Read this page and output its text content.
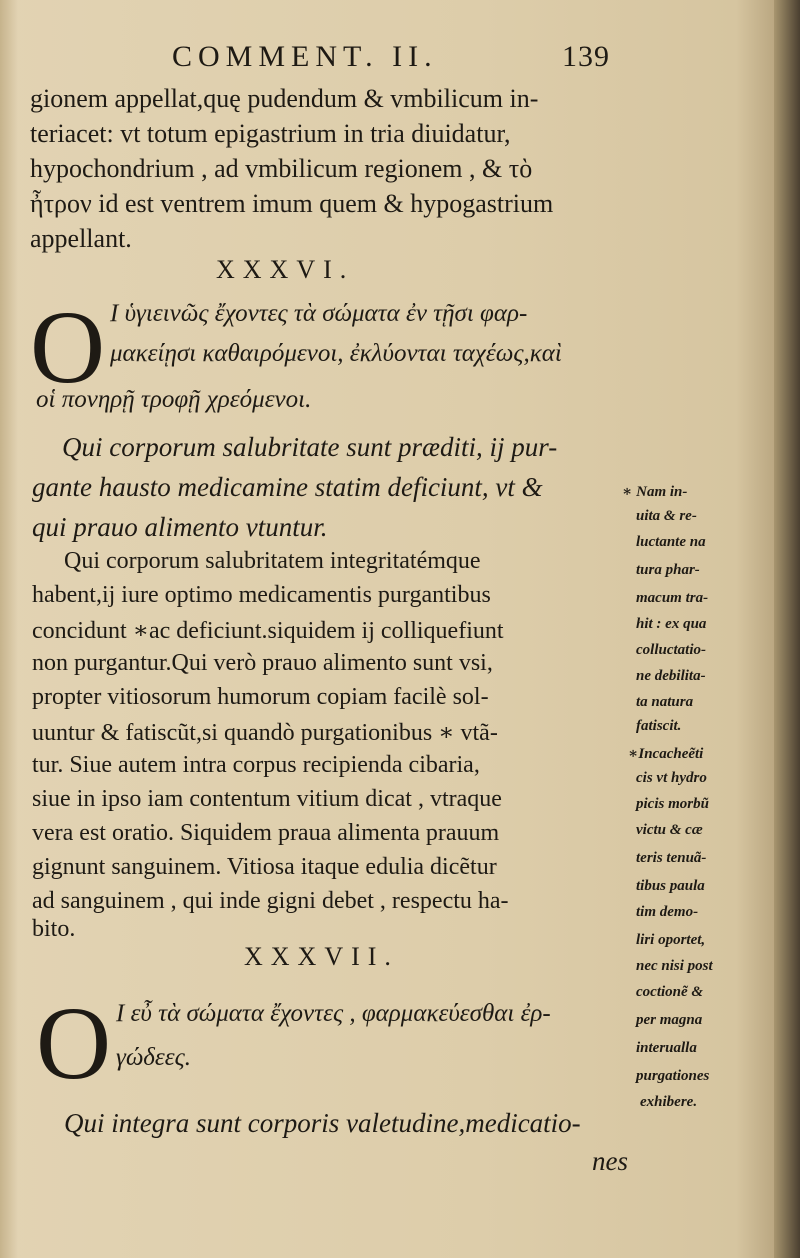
COMMENT. II.	139
gionem appellat,quę pudendum & vmbilicum in-
teriacet: vt totum epigastrium in tria diuidatur,
hypochondrium , ad vmbilicum regionem , & τὸ
ἦτρον id est ventrem imum quem & hypogastrium
appellant.
XXXVI.
O Ι ὑγιεινῶς ἔχοντες τὰ σώματα ἐν τῇσι φαρ-
μακείῃσι καθαιρόμενοι, ἐκλύονται ταχέως,καὶ
οἱ πονηρῇ τροφῇ χρεόμενοι.
Qui corporum salubritate sunt præditi, ij pur-
gante hausto medicamine statim deficiunt, vt &
qui prauo alimento vtuntur.
Qui corporum salubritatem integritatémque
habent,ij iure optimo medicamentis purgantibus
concidunt ∗ac deficiunt.siquidem ij colliquefiunt
non purgantur.Qui verò prauo alimento sunt vsi,
propter vitiosorum humorum copiam facilè sol-
uuntur & fatiscũt,si quandò purgationibus ∗ vtã-
tur. Siue autem intra corpus recipienda cibaria,
siue in ipso iam contentum vitium dicat , vtraque
vera est oratio. Siquidem praua alimenta prauum
gignunt sanguinem. Vitiosa itaque edulia dicẽtur
ad sanguinem , qui inde gigni debet , respectu ha-
bito.
XXXVII.
O Ι εὖ τὰ σώματα ἔχοντες , φαρμακεύεσθαι ἐρ-
γώδεες.
Qui integra sunt corporis valetudine,medicatio-
nes
∗ Nam in-
uita & re-
luctante na
tura phar-
macum tra-
hit : ex qua
colluctatio-
ne debilita-
ta natura
fatiscit.
∗Incacheẽti
cis vt hydro
picis morbũ
victu & cæ
teris tenuã-
tibus paula
tim demo-
liri oportet,
nec nisi post
coctionẽ &
per magna
interualla
purgationes
exhibere.
